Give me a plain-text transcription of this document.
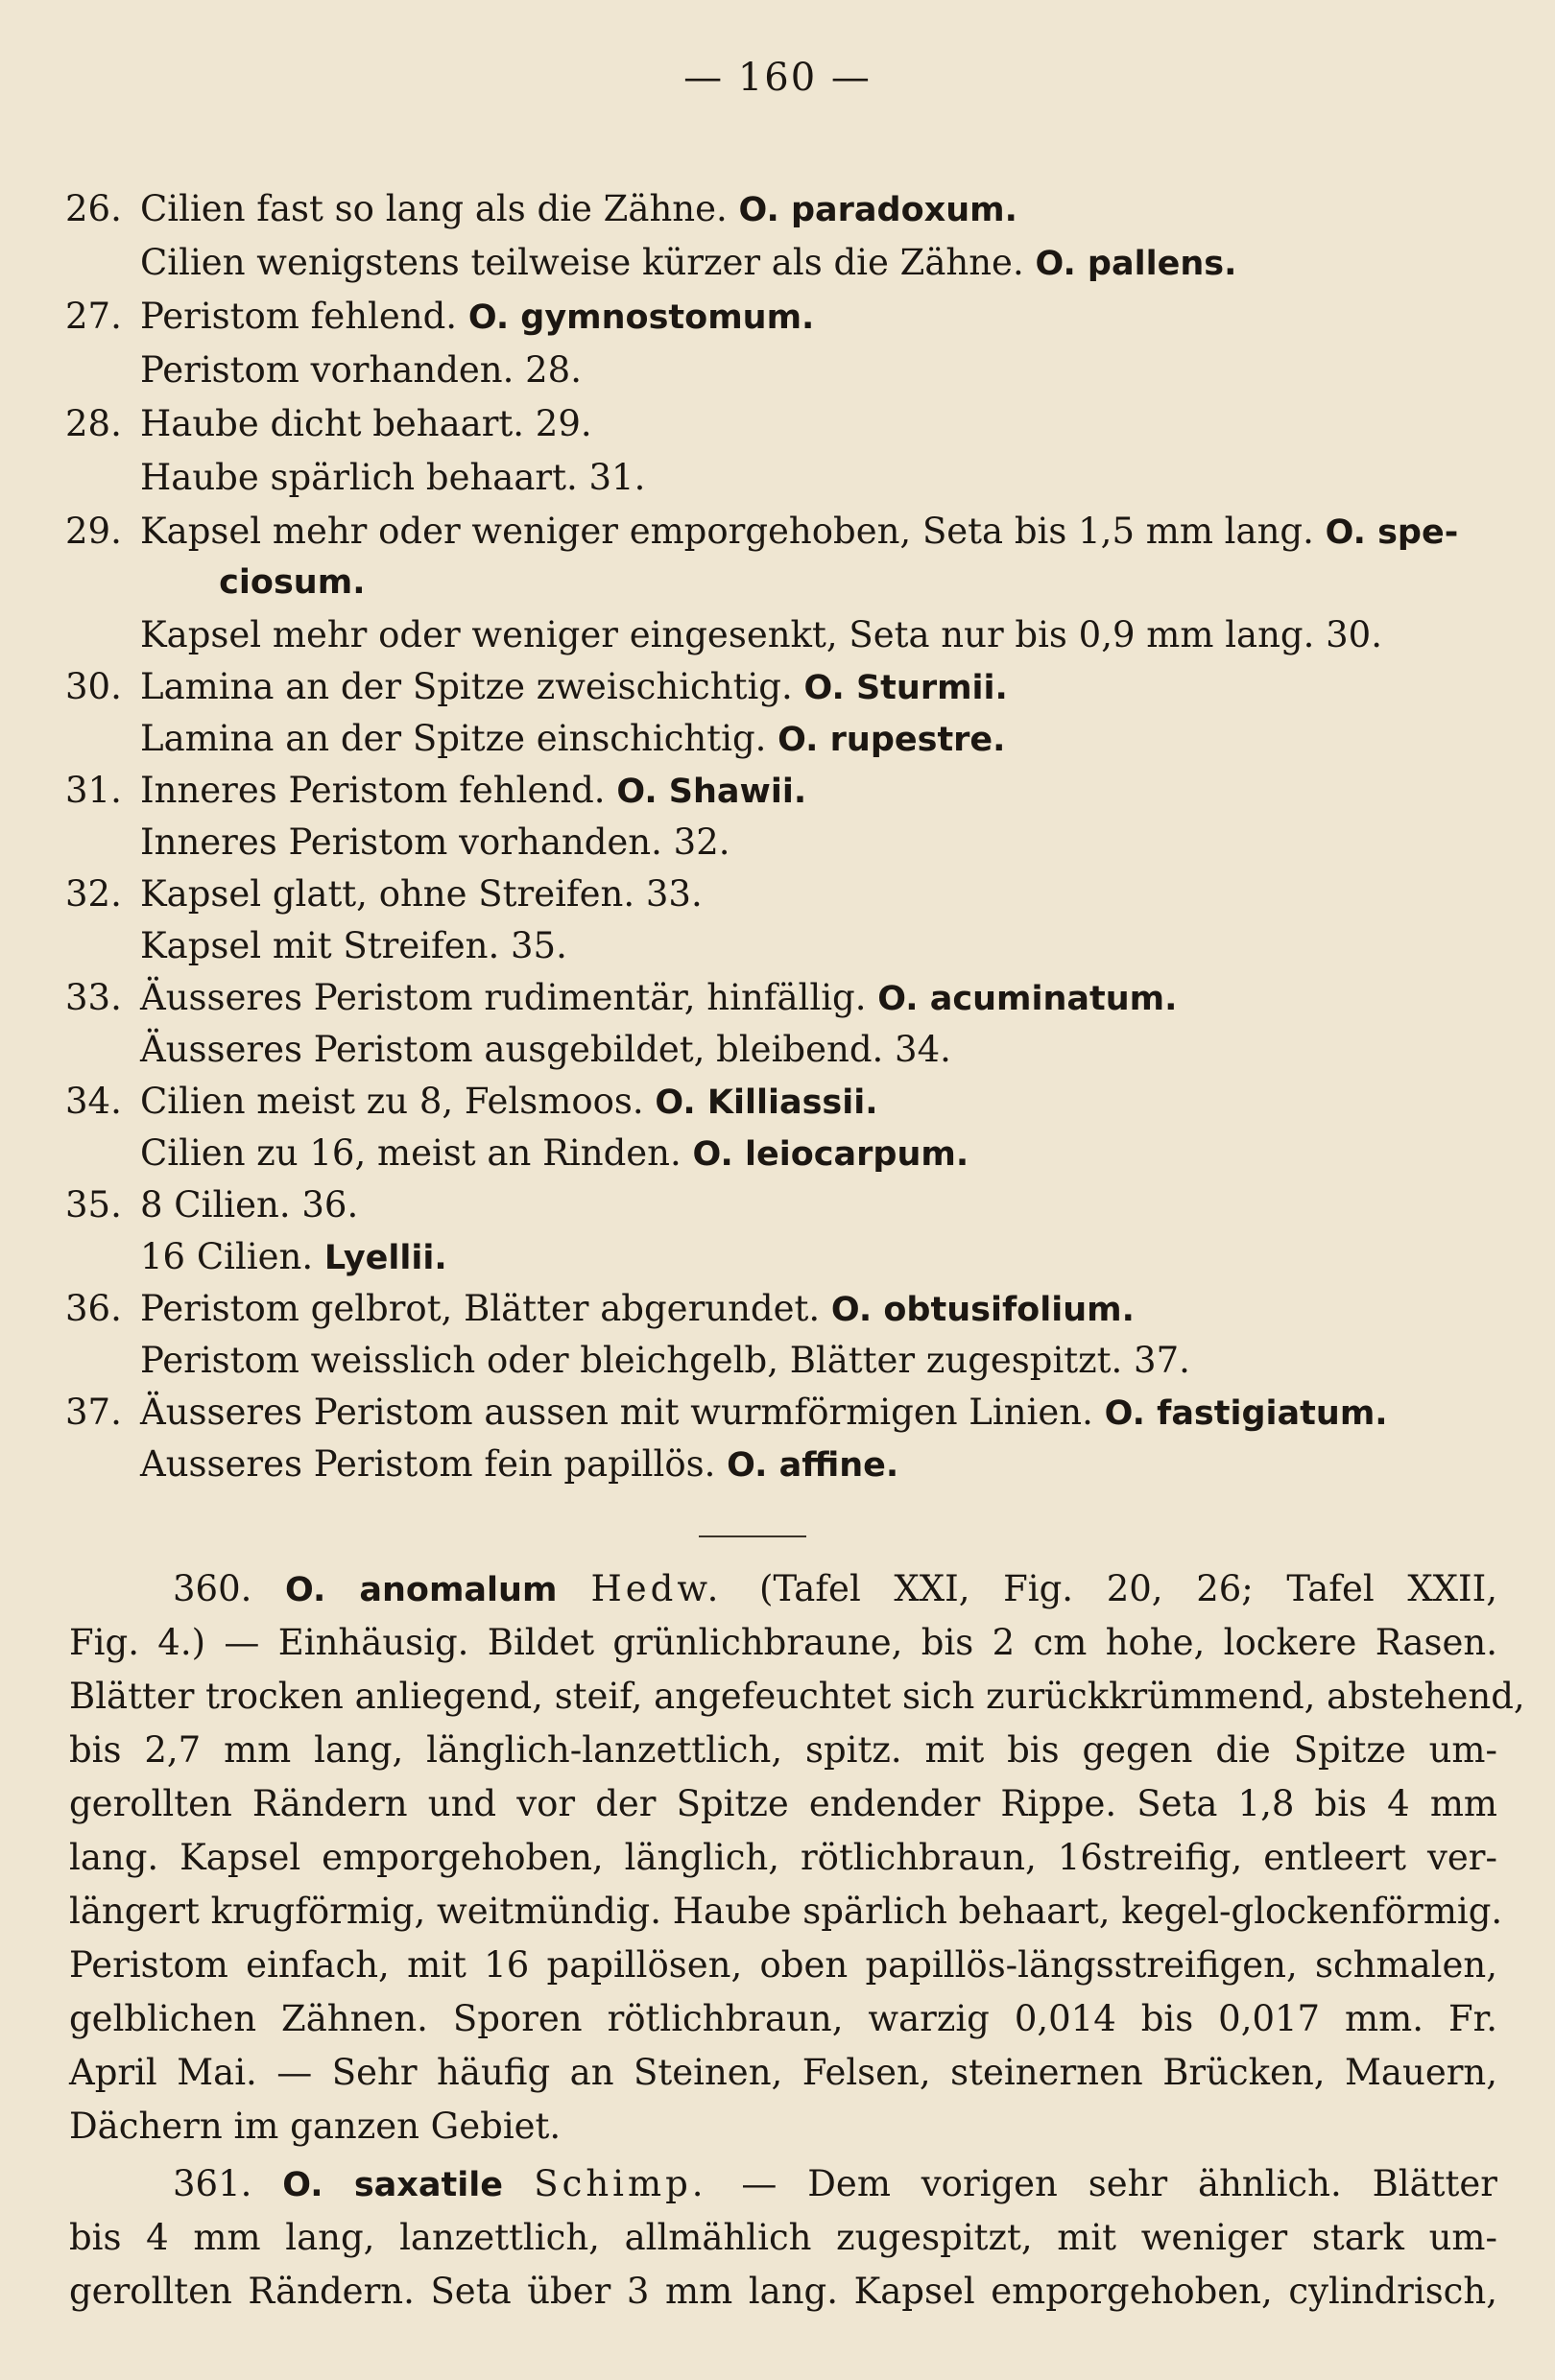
— 160 —
26. Cilien fast so lang als die Zähne. O. paradoxum.
Cilien wenigstens teilweise kürzer als die Zähne. O. pallens.
27. Peristom fehlend. O. gymnostomum.
Peristom vorhanden. 28.
28. Haube dicht behaart. 29.
Haube spärlich behaart. 31.
29. Kapsel mehr oder weniger emporgehoben, Seta bis 1,5 mm lang. O. spe-
ciosum.
Kapsel mehr oder weniger eingesenkt, Seta nur bis 0,9 mm lang. 30.
30. Lamina an der Spitze zweischichtig. O. Sturmii.
Lamina an der Spitze einschichtig. O. rupestre.
31. Inneres Peristom fehlend. O. Shawii.
Inneres Peristom vorhanden. 32.
32. Kapsel glatt, ohne Streifen. 33.
Kapsel mit Streifen. 35.
33. Äusseres Peristom rudimentär, hinfällig. O. acuminatum.
Äusseres Peristom ausgebildet, bleibend. 34.
34. Cilien meist zu 8, Felsmoos. O. Killiassii.
Cilien zu 16, meist an Rinden. O. leiocarpum.
35. 8 Cilien. 36.
16 Cilien. Lyellii.
36. Peristom gelbrot, Blätter abgerundet. O. obtusifolium.
Peristom weisslich oder bleichgelb, Blätter zugespitzt. 37.
37. Äusseres Peristom aussen mit wurmförmigen Linien. O. fastigiatum.
Ausseres Peristom fein papillös. O. affine.
360. O. anomalum Hedw. (Tafel XXI, Fig. 20, 26; Tafel XXII,
Fig. 4.) — Einhäusig. Bildet grünlichbraune, bis 2 cm hohe, lockere Rasen.
Blätter trocken anliegend, steif, angefeuchtet sich zurückkrümmend, abstehend,
bis 2,7 mm lang, länglich-lanzettlich, spitz. mit bis gegen die Spitze um-
gerollten Rändern und vor der Spitze endender Rippe. Seta 1,8 bis 4 mm
lang. Kapsel emporgehoben, länglich, rötlichbraun, 16streifig, entleert ver-
längert krugförmig, weitmündig. Haube spärlich behaart, kegel-glockenförmig.
Peristom einfach, mit 16 papillösen, oben papillös-längsstreifigen, schmalen,
gelblichen Zähnen. Sporen rötlichbraun, warzig 0,014 bis 0,017 mm. Fr.
April Mai. — Sehr häufig an Steinen, Felsen, steinernen Brücken, Mauern,
Dächern im ganzen Gebiet.
361. O. saxatile Schimp. — Dem vorigen sehr ähnlich. Blätter
bis 4 mm lang, lanzettlich, allmählich zugespitzt, mit weniger stark um-
gerollten Rändern. Seta über 3 mm lang. Kapsel emporgehoben, cylindrisch,
